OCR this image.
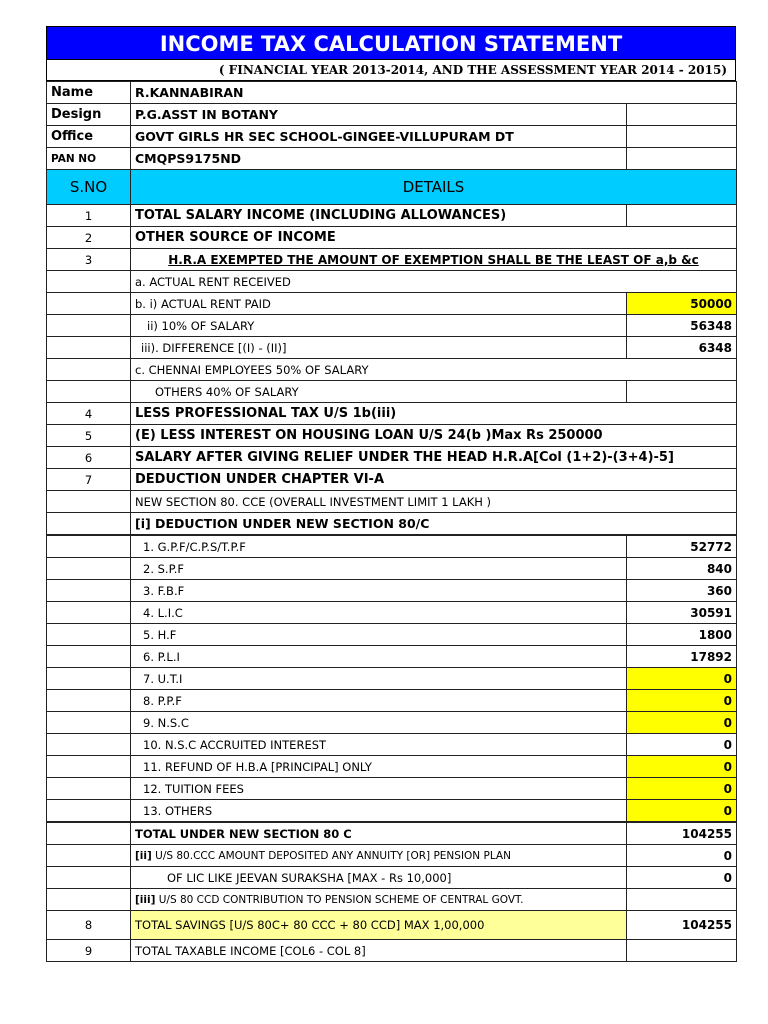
INCOME TAX CALCULATION STATEMENT
( FINANCIAL YEAR 2013-2014, AND THE ASSESSMENT YEAR 2014 - 2015)
Name	R.KANNABIRAN	
Design	P.G.ASST IN BOTANY	
Office	GOVT GIRLS HR SEC SCHOOL-GINGEE-VILLUPURAM DT	
PAN NO	CMQPS9175ND	
S.NO	DETAILS	
1	TOTAL SALARY INCOME (INCLUDING ALLOWANCES)	
2	OTHER SOURCE OF INCOME	
3	H.R.A EXEMPTED THE AMOUNT OF EXEMPTION SHALL BE THE LEAST OF a,b &c	
	a. ACTUAL RENT RECEIVED	
	b. i) ACTUAL RENT PAID	50000
	ii) 10% OF SALARY	56348
	iii). DIFFERENCE [(I) - (II)]	6348
	c. CHENNAI EMPLOYEES 50% OF SALARY	
	OTHERS 40% OF SALARY	
4	LESS PROFESSIONAL TAX U/S 1b(iii)	
5	(E) LESS INTEREST ON HOUSING LOAN U/S 24(b )Max Rs 250000	
6	SALARY AFTER GIVING RELIEF UNDER THE HEAD H.R.A[Col (1+2)-(3+4)-5]	
7	DEDUCTION UNDER CHAPTER VI-A	
	NEW SECTION 80. CCE (OVERALL INVESTMENT LIMIT 1 LAKH )	
	[i] DEDUCTION UNDER NEW SECTION 80/C	
	1. G.P.F/C.P.S/T.P.F	52772
	2. S.P.F	840
	3. F.B.F	360
	4. L.I.C	30591
	5. H.F	1800
	6. P.L.I	17892
	7. U.T.I	0
	8. P.P.F	0
	9. N.S.C	0
	10. N.S.C ACCRUITED INTEREST	0
	11. REFUND OF H.B.A [PRINCIPAL] ONLY	0
	12. TUITION FEES	0
	13. OTHERS	0
	TOTAL UNDER NEW SECTION 80 C	104255
	[ii] U/S 80.CCC AMOUNT DEPOSITED ANY ANNUITY [OR] PENSION PLAN	0
	OF LIC LIKE JEEVAN SURAKSHA [MAX - Rs 10,000]	0
	[iii] U/S 80 CCD CONTRIBUTION TO PENSION SCHEME OF CENTRAL GOVT.	
8	TOTAL SAVINGS [U/S 80C+ 80 CCC + 80 CCD] MAX 1,00,000	104255
9	TOTAL TAXABLE INCOME [COL6 - COL 8]	
